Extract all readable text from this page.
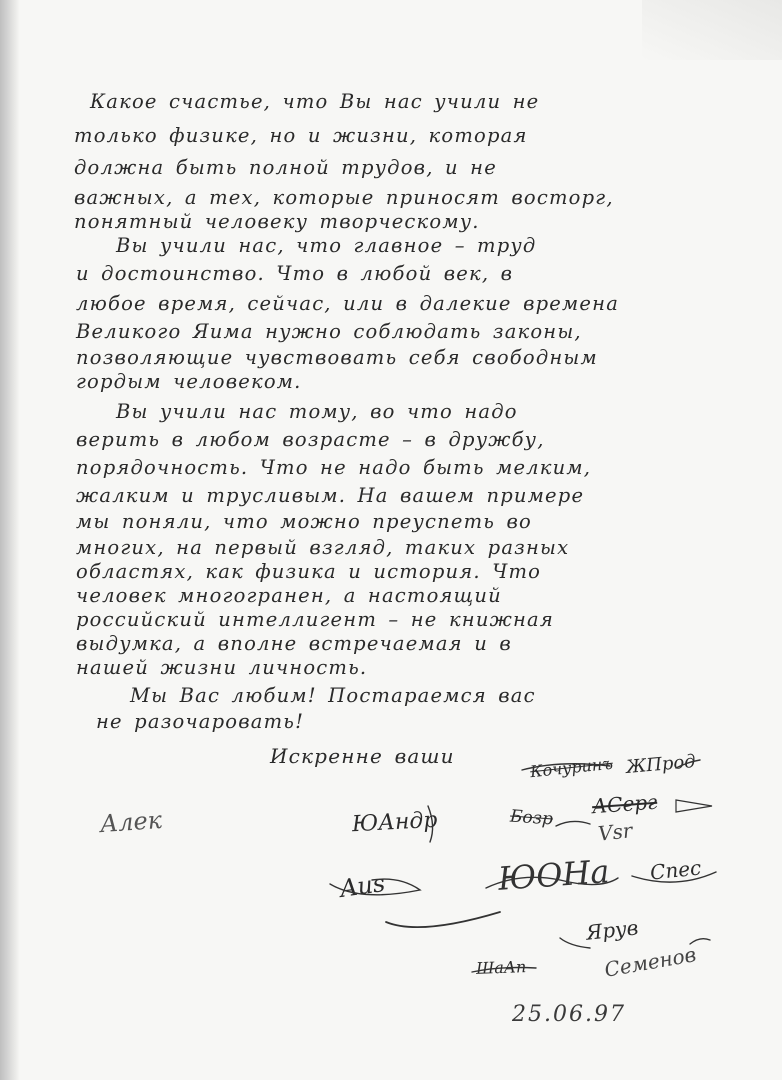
Какое счастье, что Вы нас учили не
только физике, но и жизни, которая
должна быть полной трудов, и не
важных, а тех, которые приносят восторг,
понятный человеку творческому.
Вы учили нас, что главное – труд
и достоинство. Что в любой век, в
любое время, сейчас, или в далекие времена
Великого Яима нужно соблюдать законы,
позволяющие чувствовать себя свободным
гордым человеком.
Вы учили нас тому, во что надо
верить в любом возрасте – в дружбу,
порядочность. Что не надо быть мелким,
жалким и трусливым. На вашем примере
мы поняли, что можно преуспеть во
многих, на первый взгляд, таких разных
областях, как физика и история. Что
человек многогранен, а настоящий
российский интеллигент – не книжная
выдумка, а вполне встречаемая и в
нашей жизни личность.
Мы Вас любим! Постараемся вас
не разочаровать!
Искренне ваши	Кочуринъ ЖПрод
Алек	ЮАндр
АСерг
Бозр
Vsr
Aus	ЮОНа Спес
Ярув
ШаАп	Семенов
25.06.97
